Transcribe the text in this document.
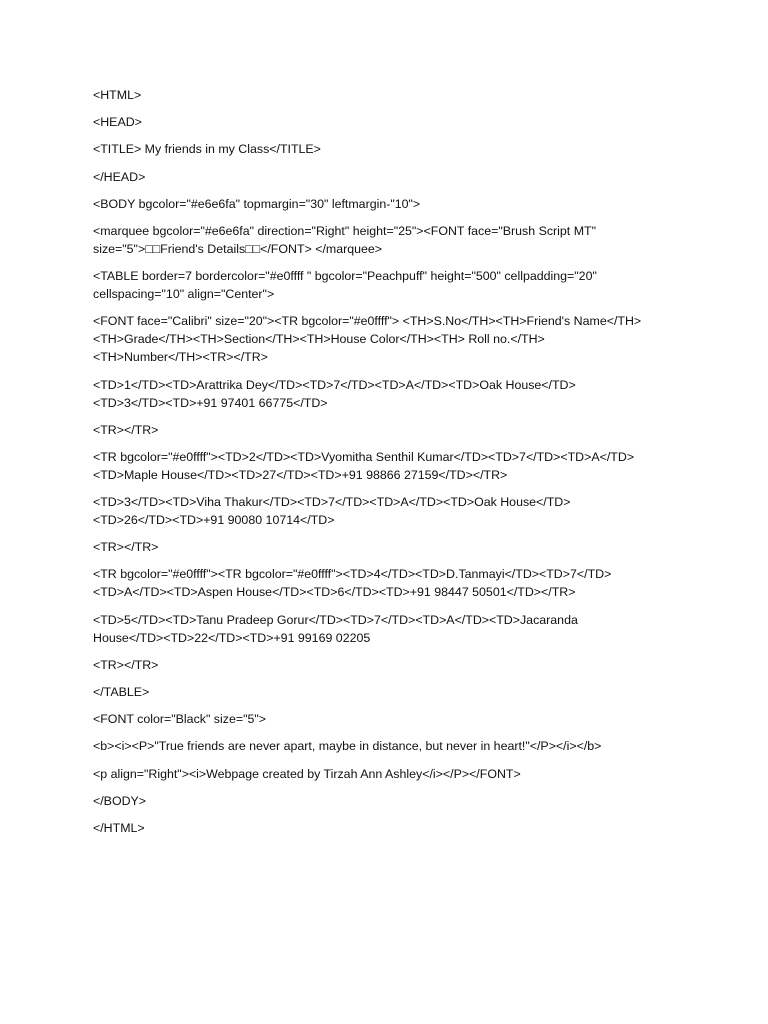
<HTML>

<HEAD>

<TITLE> My friends in my Class</TITLE>

</HEAD>

<BODY bgcolor="#e6e6fa" topmargin="30" leftmargin-"10">

<marquee bgcolor="#e6e6fa" direction="Right" height="25"><FONT face="Brush Script MT" size="5">□□Friend's Details□□</FONT> </marquee>

<TABLE border=7 bordercolor="#e0ffff " bgcolor="Peachpuff" height="500" cellpadding="20" cellspacing="10" align="Center">

<FONT face="Calibri" size="20"><TR bgcolor="#e0ffff"> <TH>S.No</TH><TH>Friend's Name</TH><TH>Grade</TH><TH>Section</TH><TH>House Color</TH><TH> Roll no.</TH><TH>Number</TH><TR></TR>

<TD>1</TD><TD>Arattrika Dey</TD><TD>7</TD><TD>A</TD><TD>Oak House</TD><TD>3</TD><TD>+91 97401 66775</TD>

<TR></TR>

<TR bgcolor="#e0ffff"><TD>2</TD><TD>Vyomitha Senthil Kumar</TD><TD>7</TD><TD>A</TD><TD>Maple House</TD><TD>27</TD><TD>+91 98866 27159</TD></TR>

<TD>3</TD><TD>Viha Thakur</TD><TD>7</TD><TD>A</TD><TD>Oak House</TD><TD>26</TD><TD>+91 90080 10714</TD>

<TR></TR>

<TR bgcolor="#e0ffff"><TR bgcolor="#e0ffff"><TD>4</TD><TD>D.Tanmayi</TD><TD>7</TD><TD>A</TD><TD>Aspen House</TD><TD>6</TD><TD>+91 98447 50501</TD></TR>

<TD>5</TD><TD>Tanu Pradeep Gorur</TD><TD>7</TD><TD>A</TD><TD>Jacaranda House</TD><TD>22</TD><TD>+91 99169 02205

<TR></TR>

</TABLE>

<FONT color="Black" size="5">

<b><i><P>"True friends are never apart, maybe in distance, but never in heart!"</P></i></b>

<p align="Right"><i>Webpage created by Tirzah Ann Ashley</i></P></FONT>

</BODY>

</HTML>
